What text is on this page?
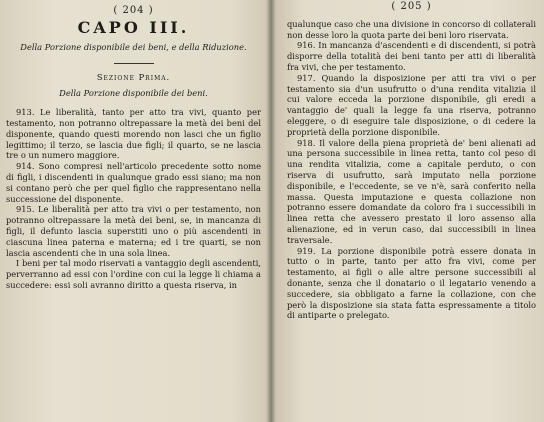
( 204 )
CAPO III.
Della Porzione disponibile dei beni, e della Riduzione.
Sezione Prima.
Della Porzione disponibile dei beni.

913. Le liberalità, tanto per atto tra vivi, quanto per testamento, non potranno oltrepassare la metà dei beni del disponente, quando questi morendo non lasci che un figlio legittimo; il terzo, se lascia due figli; il quarto, se ne lascia tre o un numero maggiore.

914. Sono compresi nell'articolo precedente sotto nome di figli, i discendenti in qualunque grado essi siano; ma non si contano però che per quel figlio che rappresentano nella successione del disponente.

915. Le liberalità per atto tra vivi o per testamento, non potranno oltrepassare la metà dei beni, se, in mancanza di figli, il defunto lascia superstiti uno o più ascendenti in ciascuna linea paterna e materna; ed i tre quarti, se non lascia ascendenti che in una sola linea.

I beni per tal modo riservati a vantaggio degli ascendenti, perverranno ad essi con l'ordine con cui la legge li chiama a succedere: essi soli avranno diritto a questa riserva, in

( 205 )

qualunque caso che una divisione in concorso di collaterali non desse loro la quota parte dei beni loro riservata.

916. In mancanza d'ascendenti e di discendenti, si potrà disporre della totalità dei beni tanto per atti di liberalità fra vivi, che per testamento.

917. Quando la disposizione per atti tra vivi o per testamento sia d'un usufrutto o d'una rendita vitalizia il cui valore ecceda la porzione disponibile, gli eredi a vantaggio de' quali la legge fa una riserva, potranno eleggere, o di eseguire tale disposizione, o di cedere la proprietà della porzione disponibile.

918. Il valore della piena proprietà de' beni alienati ad una persona successibile in linea retta, tanto col peso di una rendita vitalizia, come a capitale perduto, o con riserva di usufrutto, sarà imputato nella porzione disponibile, e l'eccedente, se ve n'è, sarà conferito nella massa. Questa imputazione e questa collazione non potranno essere domandate da coloro fra i successibili in linea retta che avessero prestato il loro assenso alla alienazione, ed in verun caso, dai successibili in linea traversale.

919. La porzione disponibile potrà essere donata in tutto o in parte, tanto per atto fra vivi, come per testamento, ai figli o alle altre persone successibili al donante, senza che il donatario o il legatario venendo a succedere, sia obbligato a farne la collazione, con che però la disposizione sia stata fatta espressamente a titolo di antiparte o prelegato.
